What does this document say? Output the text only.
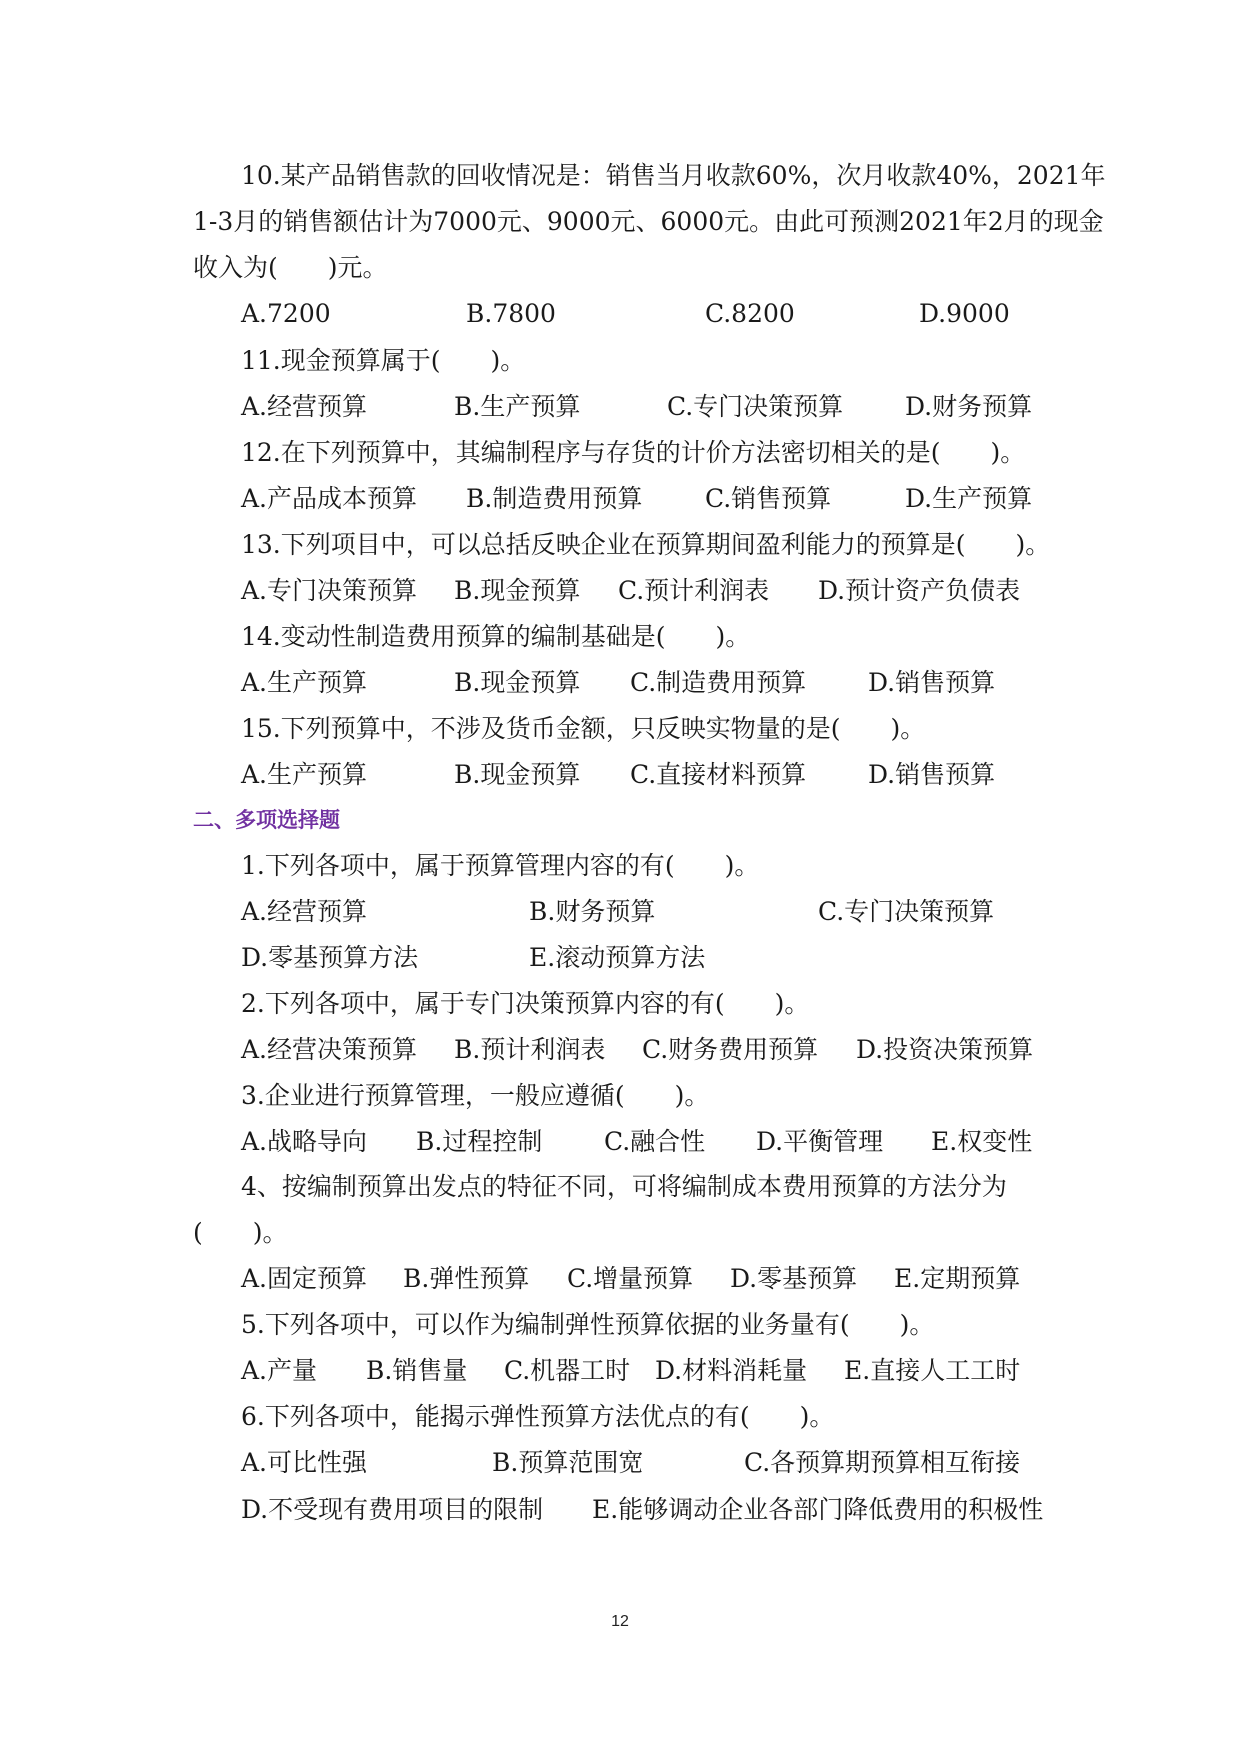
10.某产品销售款的回收情况是：销售当月收款60%，次月收款40%，2021年
1-3月的销售额估计为7000元、9000元、6000元。由此可预测2021年2月的现金
收入为(　　)元。
A.7200	B.7800	C.8200	D.9000
11.现金预算属于(　　)。
A.经营预算	B.生产预算	C.专门决策预算 D.财务预算
12.在下列预算中，其编制程序与存货的计价方法密切相关的是(　　)。
A.产品成本预算 B.制造费用预算	C.销售预算	D.生产预算
13.下列项目中，可以总括反映企业在预算期间盈利能力的预算是(　　)。
A.专门决策预算 B.现金预算 C.预计利润表 D.预计资产负债表
14.变动性制造费用预算的编制基础是(　　)。
A.生产预算	B.现金预算 C.制造费用预算 D.销售预算
15.下列预算中，不涉及货币金额，只反映实物量的是(　　)。
A.生产预算	B.现金预算 C.直接材料预算 D.销售预算
二、多项选择题
1.下列各项中，属于预算管理内容的有(　　)。
A.经营预算	B.财务预算	C.专门决策预算
D.零基预算方法	E.滚动预算方法
2.下列各项中，属于专门决策预算内容的有(　　)。
A.经营决策预算 B.预计利润表 C.财务费用预算 D.投资决策预算
3.企业进行预算管理，一般应遵循(　　)。
A.战略导向 B.过程控制 C.融合性 D.平衡管理 E.权变性
4、按编制预算出发点的特征不同，可将编制成本费用预算的方法分为
(　　)。
A.固定预算 B.弹性预算 C.增量预算 D.零基预算 E.定期预算
5.下列各项中，可以作为编制弹性预算依据的业务量有(　　)。
A.产量 B.销售量 C.机器工时 D.材料消耗量 E.直接人工工时
6.下列各项中，能揭示弹性预算方法优点的有(　　)。
A.可比性强	B.预算范围宽	C.各预算期预算相互衔接
D.不受现有费用项目的限制 E.能够调动企业各部门降低费用的积极性
12
